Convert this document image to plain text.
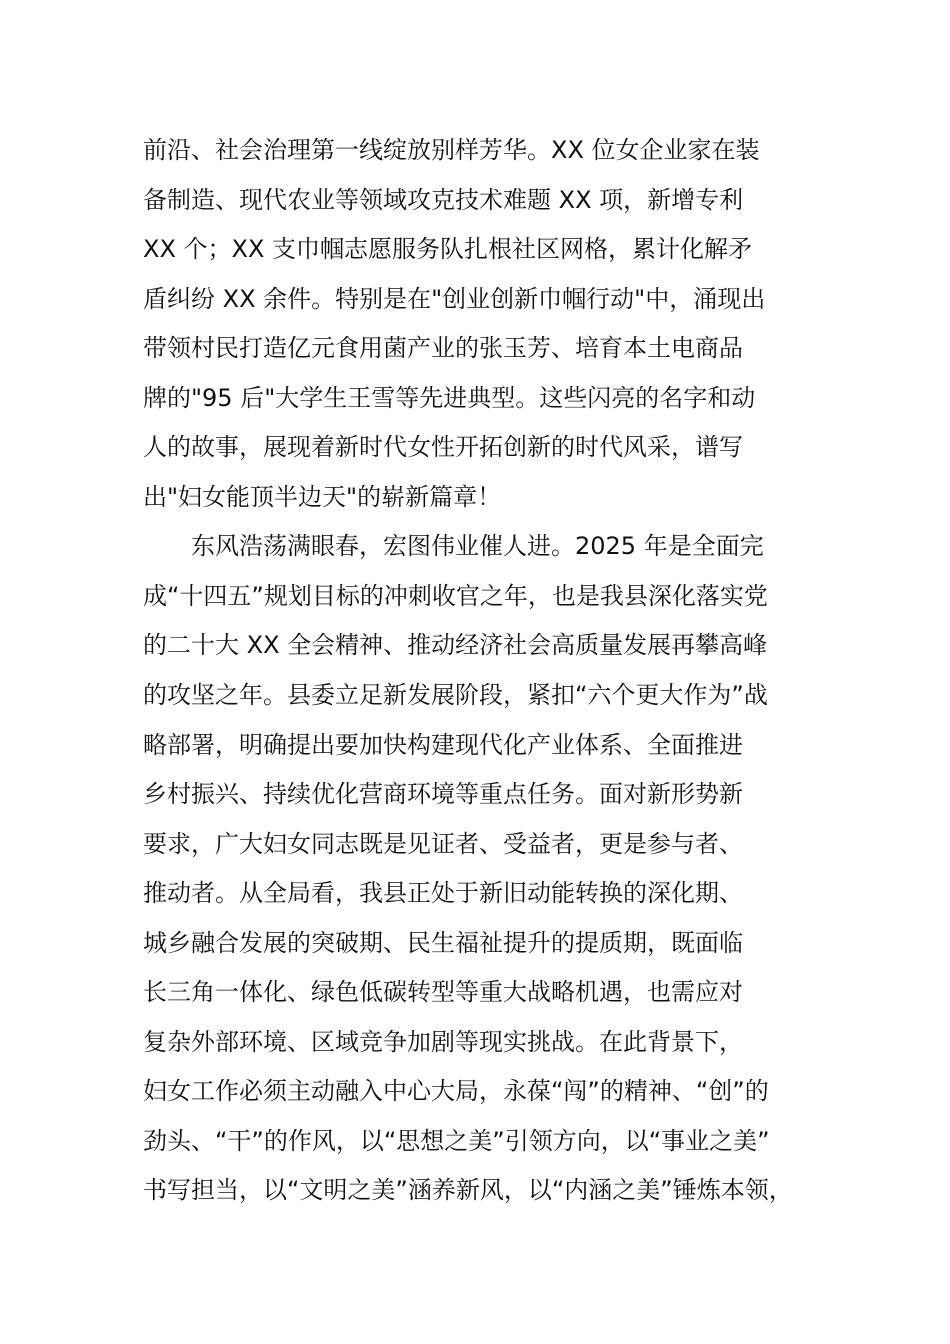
前沿、社会治理第一线绽放别样芳华。XX 位女企业家在装
备制造、现代农业等领域攻克技术难题 XX 项，新增专利
XX 个；XX 支巾帼志愿服务队扎根社区网格，累计化解矛
盾纠纷 XX 余件。特别是在"创业创新巾帼行动"中，涌现出
带领村民打造亿元食用菌产业的张玉芳、培育本土电商品
牌的"95 后"大学生王雪等先进典型。这些闪亮的名字和动
人的故事，展现着新时代女性开拓创新的时代风采，谱写
出"妇女能顶半边天"的崭新篇章！
东风浩荡满眼春，宏图伟业催人进。2025 年是全面完
成“十四五”规划目标的冲刺收官之年，也是我县深化落实党
的二十大 XX 全会精神、推动经济社会高质量发展再攀高峰
的攻坚之年。县委立足新发展阶段，紧扣“六个更大作为”战
略部署，明确提出要加快构建现代化产业体系、全面推进
乡村振兴、持续优化营商环境等重点任务。面对新形势新
要求，广大妇女同志既是见证者、受益者，更是参与者、
推动者。从全局看，我县正处于新旧动能转换的深化期、
城乡融合发展的突破期、民生福祉提升的提质期，既面临
长三角一体化、绿色低碳转型等重大战略机遇，也需应对
复杂外部环境、区域竞争加剧等现实挑战。在此背景下，
妇女工作必须主动融入中心大局，永葆“闯”的精神、“创”的
劲头、“干”的作风，以“思想之美”引领方向，以“事业之美”
书写担当，以“文明之美”涵养新风，以“内涵之美”锤炼本领，
